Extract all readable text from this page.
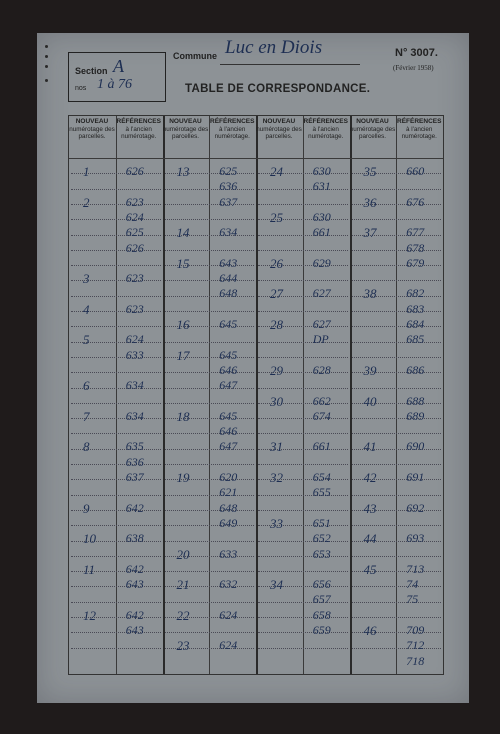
Section A
nos 1 à 76
Commune Luc en Diois	N° 3007.
(Février 1958)
TABLE DE CORRESPONDANCE.
NOUVEAU
numérotage des parcelles.
RÉFÉRENCES
à l'ancien numérotage.
NOUVEAU
numérotage des parcelles.
RÉFÉRENCES
à l'ancien numérotage.
NOUVEAU
numérotage des parcelles.
RÉFÉRENCES
à l'ancien numérotage.
NOUVEAU
numérotage des parcelles.
RÉFÉRENCES
à l'ancien numérotage.
1	626
2	623
624
625
626
3	623
4	623
5	624
633
6	634
7	634
8	635
636
637
9	642
10 638
11	642
643
12 642
643
13 625
636
637
14 634
15 643
644
648
16 645
17 645
646
647
18 645
646
647
19 620
621
648
649
20 633
21 632
22 624
23 624
24 630
631
25 630
661
26 629
27 627
28 627
DP
29 628
30 662
674
31 661
32 654
655
33 651
652
653
34 656
657
658
659
35 660
36 676
37 677
678
679
38 682
683
684
685
39 686
40 688
689
41 690
42 691
43 692
44 693
45 713
74
75
46 709
712
718
